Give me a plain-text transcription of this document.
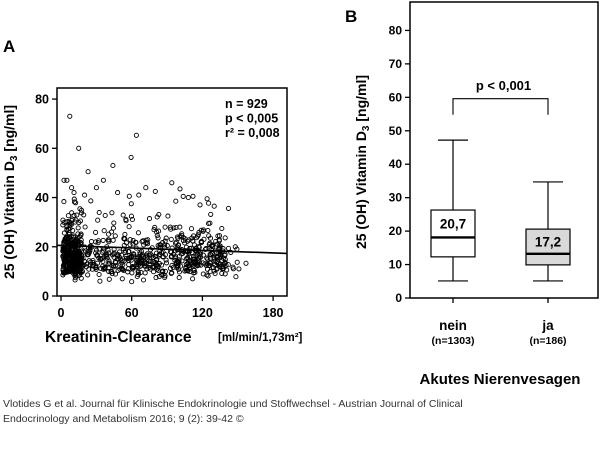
A
0
20
40
60
80
0	60	120	180
n = 929
p < 0,005
r² = 0,008
25 (OH) Vitamin $D_3$ [ng/ml]
Kreatinin-Clearance [ml/min/1,73m²]
B
20,7
nein
(n=1303)
17,2
ja
(n=186)
p < 0,001
0
10
20
30
40
50
60
70
80
25 (OH) Vitamin $D_3$ [ng/ml]
Akutes Nierenvesagen
Vlotides G et al. Journal für Klinische Endokrinologie und Stoffwechsel - Austrian Journal of Clinical
Endocrinology and Metabolism 2016; 9 (2): 39-42 ©
